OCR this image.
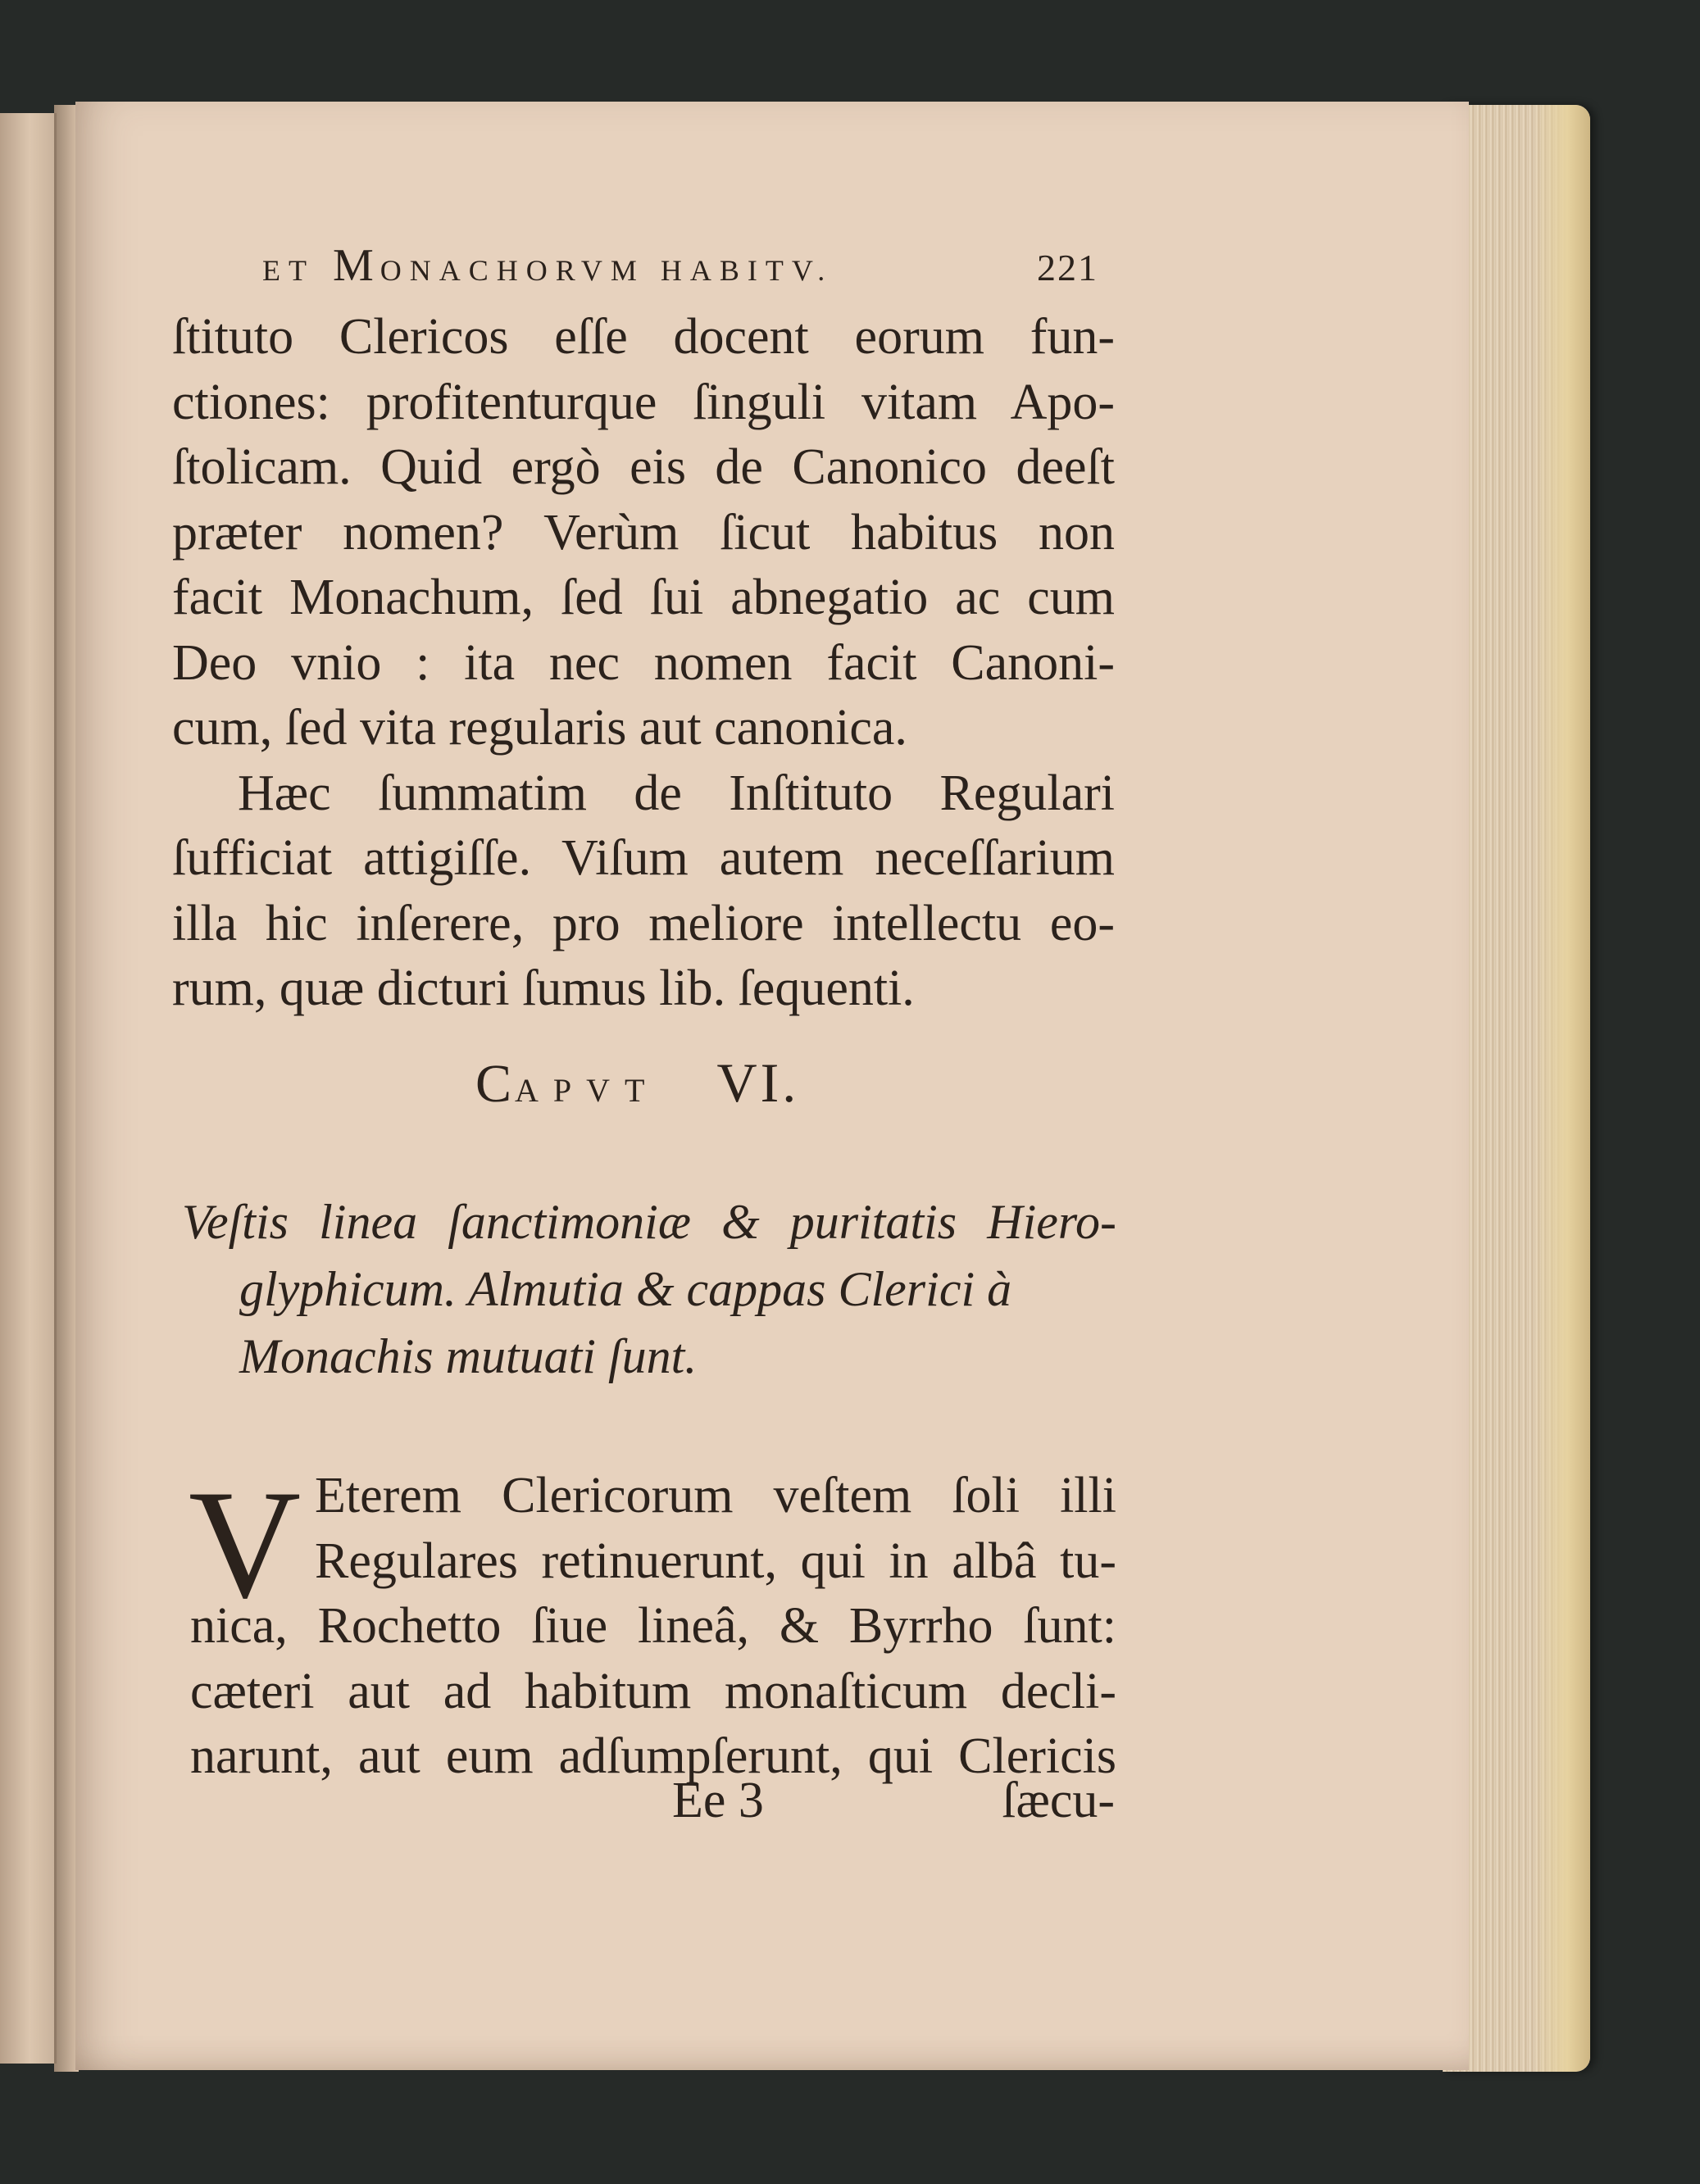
ET MONACHORVM HABITV.	221
ſtituto Clericos eſſe docent eorum fun-
ctiones: profitenturque ſinguli vitam Apo-
ſtolicam. Quid ergò eis de Canonico deeſt
præter nomen? Verùm ſicut habitus non
facit Monachum, ſed ſui abnegatio ac cum
Deo vnio : ita nec nomen facit Canoni-
cum, ſed vita regularis aut canonica.
Hæc ſummatim de Inſtituto Regulari
ſufficiat attigiſſe. Viſum autem neceſſarium
illa hic inſerere, pro meliore intellectu eo-
rum, quæ dicturi ſumus lib. ſequenti.
CAPVT VI.
Veſtis linea ſanctimoniæ & puritatis Hiero-
glyphicum. Almutia & cappas Clerici à
Monachis mutuati ſunt.
V Eterem Clericorum veſtem ſoli illi
Regulares retinuerunt, qui in albâ tu-
nica, Rochetto ſiue lineâ, & Byrrho ſunt:
cæteri aut ad habitum monaſticum decli-
narunt, aut eum adſumpſerunt, qui Clericis
Ee 3	ſæcu-
